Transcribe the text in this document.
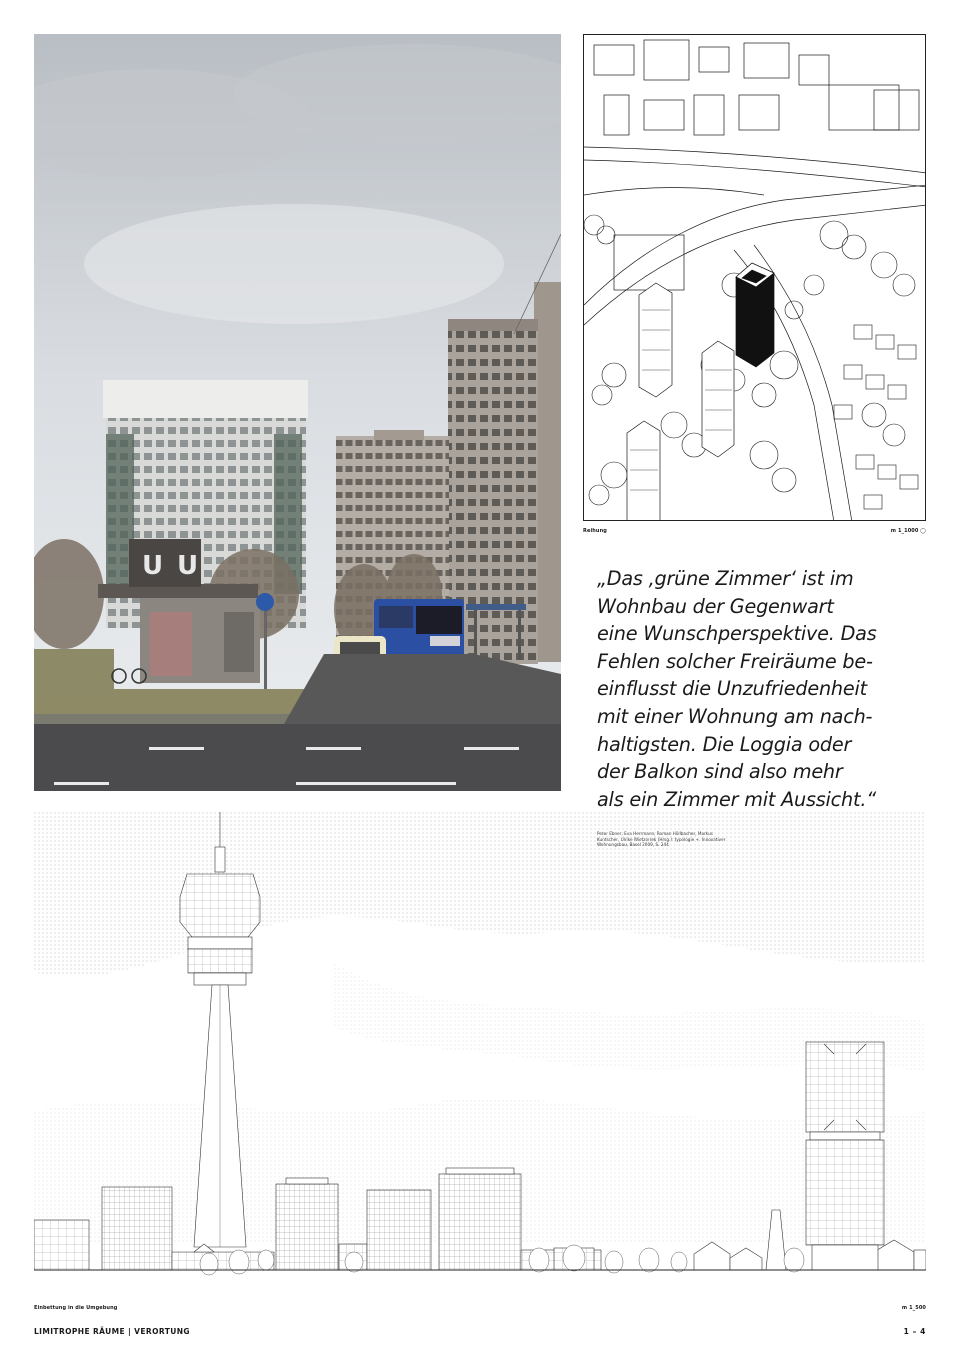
U U
Reihung	m 1_1000 ◯
„Das ‚grüne Zimmer‘ ist im
Wohnbau der Gegenwart
eine Wunschperspektive. Das
Fehlen solcher Freiräume be-
einflusst die Unzufriedenheit
mit einer Wohnung am nach-
haltigsten. Die Loggia oder
der Balkon sind also mehr
als ein Zimmer mit Aussicht.“
Einbettung in die Umgebung	m 1_500
LIMITROPHE RÄUME | VERORTUNG	1 – 4
